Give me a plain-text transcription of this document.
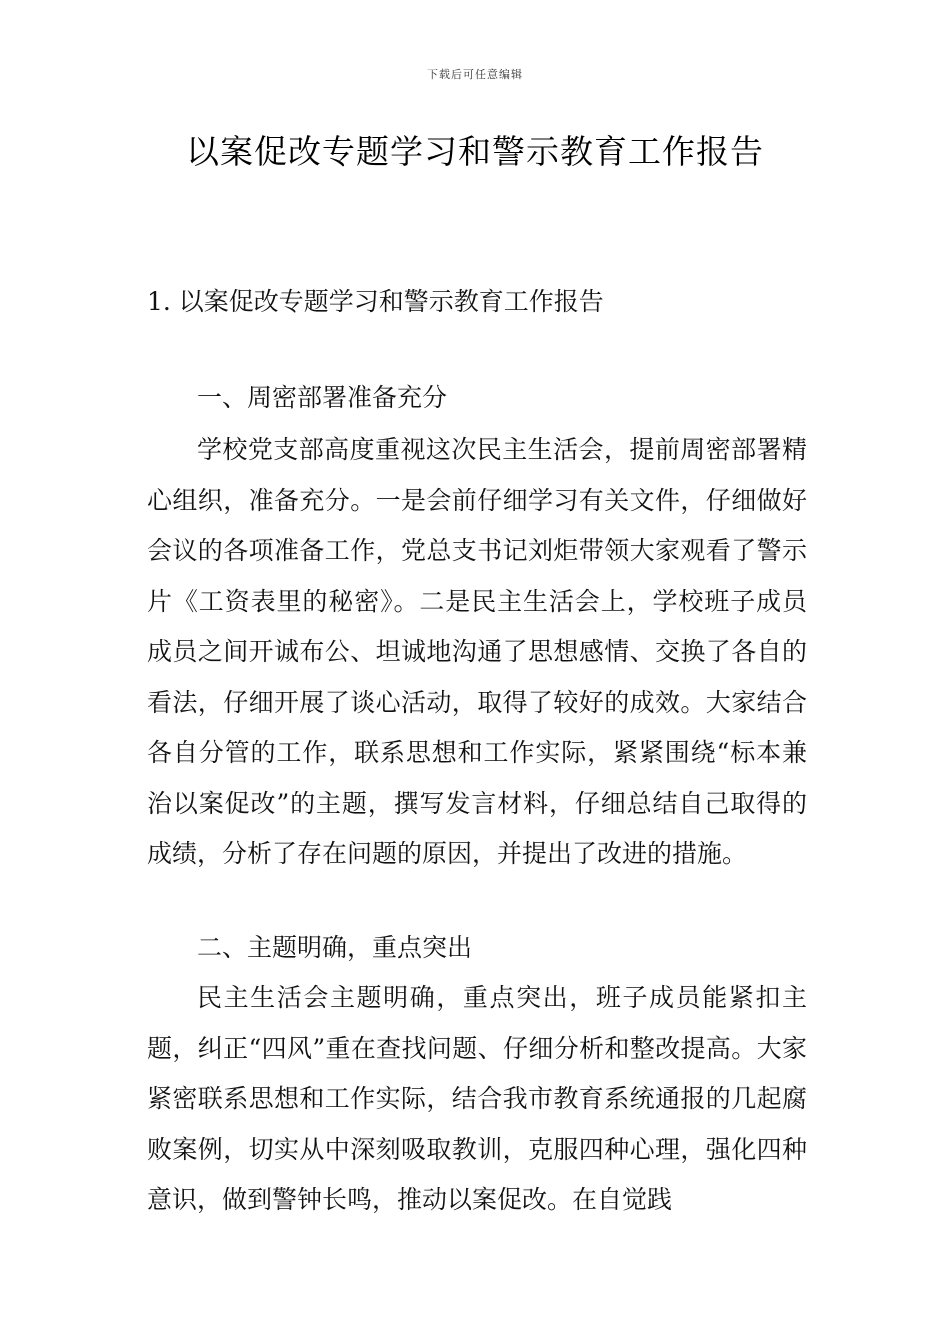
下载后可任意编辑
以案促改专题学习和警示教育工作报告
1. 以案促改专题学习和警示教育工作报告
一、周密部署准备充分
学校党支部高度重视这次民主生活会，提前周密部署精心组织，准备充分。一是会前仔细学习有关文件，仔细做好会议的各项准备工作，党总支书记刘炬带领大家观看了警示片《工资表里的秘密》。二是民主生活会上，学校班子成员成员之间开诚布公、坦诚地沟通了思想感情、交换了各自的看法，仔细开展了谈心活动，取得了较好的成效。大家结合各自分管的工作，联系思想和工作实际，紧紧围绕“标本兼治以案促改”的主题，撰写发言材料，仔细总结自己取得的成绩，分析了存在问题的原因，并提出了改进的措施。
二、主题明确，重点突出
民主生活会主题明确，重点突出，班子成员能紧扣主题，纠正“四风”重在查找问题、仔细分析和整改提高。大家紧密联系思想和工作实际，结合我市教育系统通报的几起腐 败案例，切实从中深刻吸取教训，克服四种心理，强化四种意识，做到警钟长鸣，推动以案促改。在自觉践
